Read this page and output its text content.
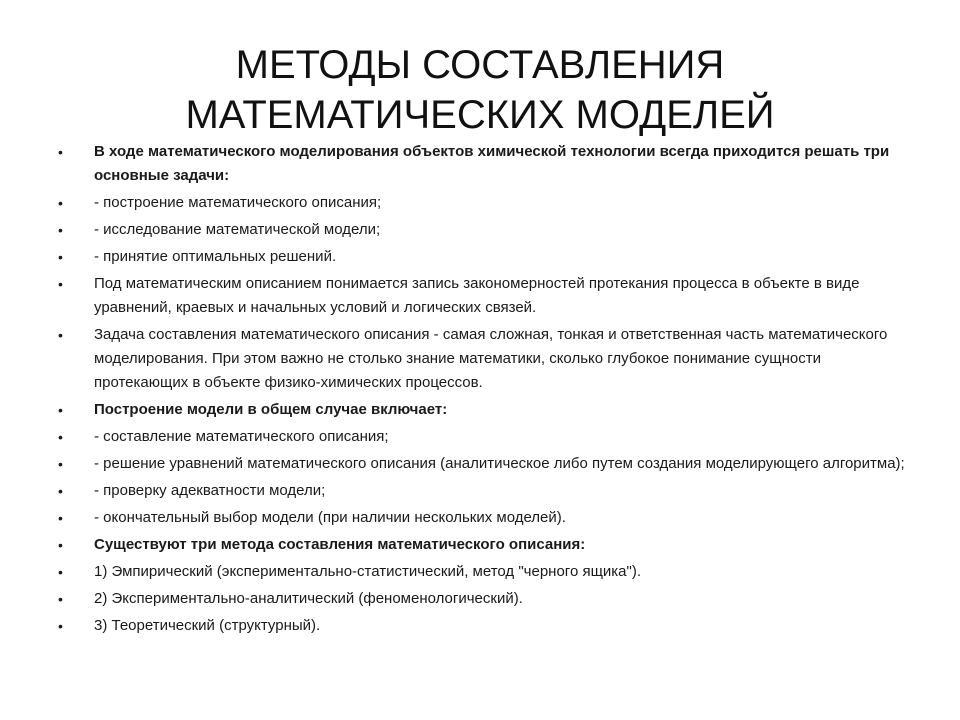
МЕТОДЫ СОСТАВЛЕНИЯ МАТЕМАТИЧЕСКИХ МОДЕЛЕЙ
• В ходе математического моделирования объектов химической технологии всегда приходится решать три основные задачи:
• - построение математического описания;
• - исследование математической модели;
• - принятие оптимальных решений.
• Под математическим описанием понимается запись закономерностей протекания процесса в объекте в виде уравнений, краевых и начальных условий и логических связей.
• Задача составления математического описания - самая сложная, тонкая и ответственная часть математического моделирования. При этом важно не столько знание математики, сколько глубокое понимание сущности протекающих в объекте физико-химических процессов.
• Построение модели в общем случае включает:
• - составление математического описания;
• - решение уравнений математического описания (аналитическое либо путем создания моделирующего алгоритма);
• - проверку адекватности модели;
• - окончательный выбор модели (при наличии нескольких моделей).
• Существуют три метода составления математического описания:
• 1) Эмпирический (экспериментально-статистический, метод "черного ящика").
• 2) Экспериментально-аналитический (феноменологический).
• 3) Теоретический (структурный).
